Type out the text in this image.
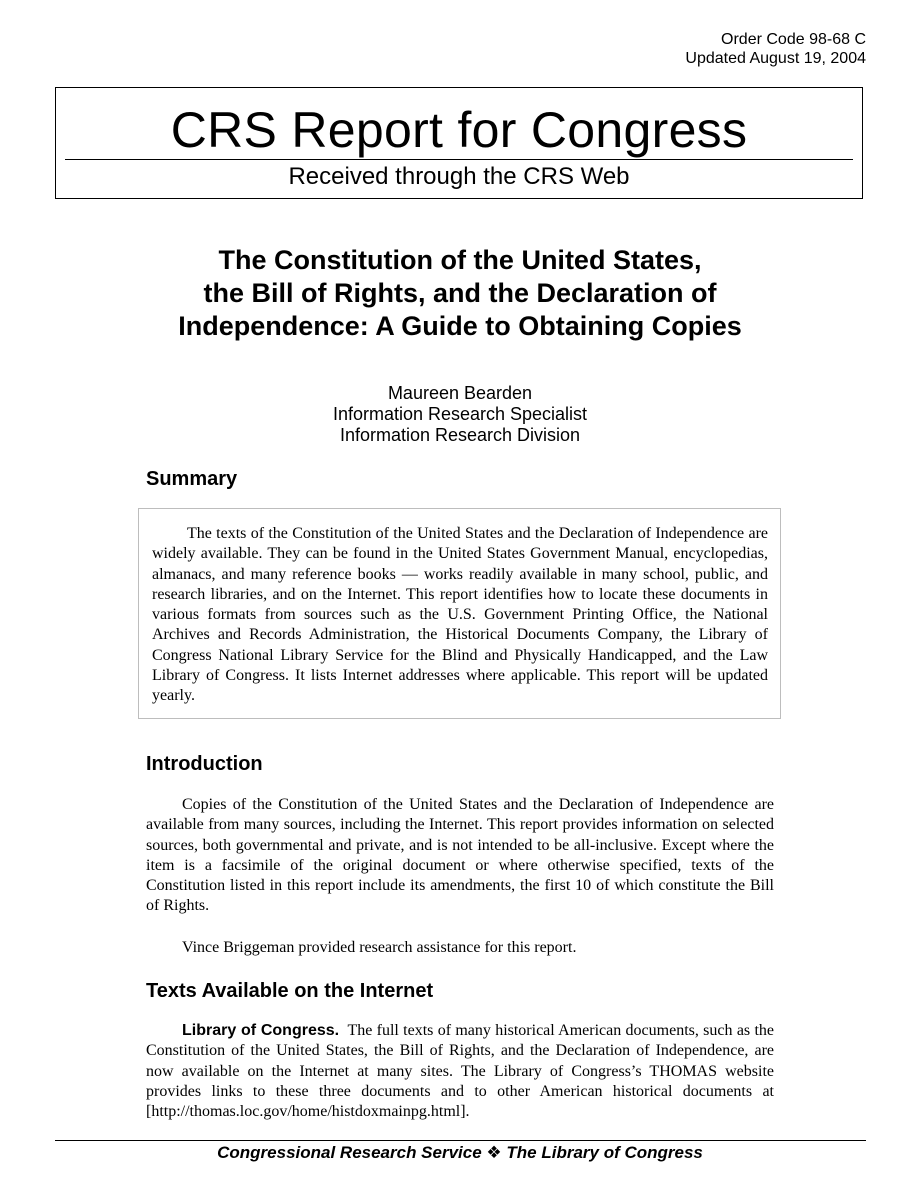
Order Code 98-68 C
Updated August 19, 2004
CRS Report for Congress
Received through the CRS Web
The Constitution of the United States,
the Bill of Rights, and the Declaration of
Independence: A Guide to Obtaining Copies
Maureen Bearden
Information Research Specialist
Information Research Division
Summary

The texts of the Constitution of the United States and the Declaration of Independence are widely available. They can be found in the United States Government Manual, encyclopedias, almanacs, and many reference books — works readily available in many school, public, and research libraries, and on the Internet. This report identifies how to locate these documents in various formats from sources such as the U.S. Government Printing Office, the National Archives and Records Administration, the Historical Documents Company, the Library of Congress National Library Service for the Blind and Physically Handicapped, and the Law Library of Congress. It lists Internet addresses where applicable. This report will be updated yearly.

Introduction

Copies of the Constitution of the United States and the Declaration of Independence are available from many sources, including the Internet. This report provides information on selected sources, both governmental and private, and is not intended to be all-inclusive. Except where the item is a facsimile of the original document or where otherwise specified, texts of the Constitution listed in this report include its amendments, the first 10 of which constitute the Bill of Rights.

Vince Briggeman provided research assistance for this report.

Texts Available on the Internet

Library of Congress. The full texts of many historical American documents, such as the Constitution of the United States, the Bill of Rights, and the Declaration of Independence, are now available on the Internet at many sites. The Library of Congress’s THOMAS website provides links to these three documents and to other American historical documents at [http://thomas.loc.gov/home/histdoxmainpg.html].

Congressional Research Service ❖ The Library of Congress
